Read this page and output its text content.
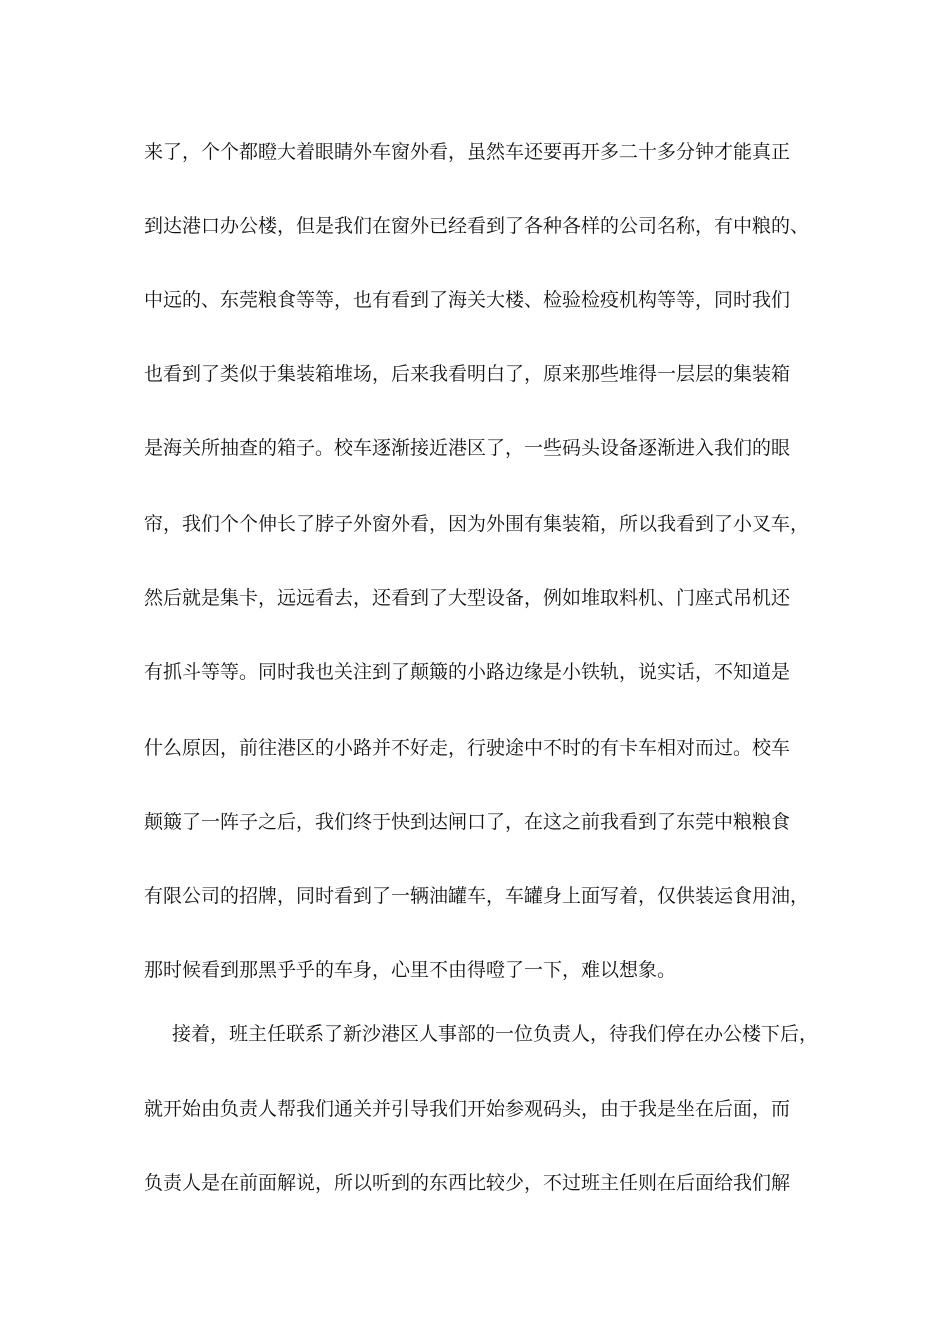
来了，个个都瞪大着眼睛外车窗外看，虽然车还要再开多二十多分钟才能真正
到达港口办公楼，但是我们在窗外已经看到了各种各样的公司名称，有中粮的、
中远的、东莞粮食等等，也有看到了海关大楼、检验检疫机构等等，同时我们
也看到了类似于集装箱堆场，后来我看明白了，原来那些堆得一层层的集装箱
是海关所抽查的箱子。校车逐渐接近港区了，一些码头设备逐渐进入我们的眼
帘，我们个个伸长了脖子外窗外看，因为外围有集装箱，所以我看到了小叉车，
然后就是集卡，远远看去，还看到了大型设备，例如堆取料机、门座式吊机还
有抓斗等等。同时我也关注到了颠簸的小路边缘是小铁轨，说实话，不知道是
什么原因，前往港区的小路并不好走，行驶途中不时的有卡车相对而过。校车
颠簸了一阵子之后，我们终于快到达闸口了，在这之前我看到了东莞中粮粮食
有限公司的招牌，同时看到了一辆油罐车，车罐身上面写着，仅供装运食用油，
那时候看到那黑乎乎的车身，心里不由得噔了一下，难以想象。
接着，班主任联系了新沙港区人事部的一位负责人，待我们停在办公楼下后，
就开始由负责人帮我们通关并引导我们开始参观码头，由于我是坐在后面，而
负责人是在前面解说，所以听到的东西比较少，不过班主任则在后面给我们解
